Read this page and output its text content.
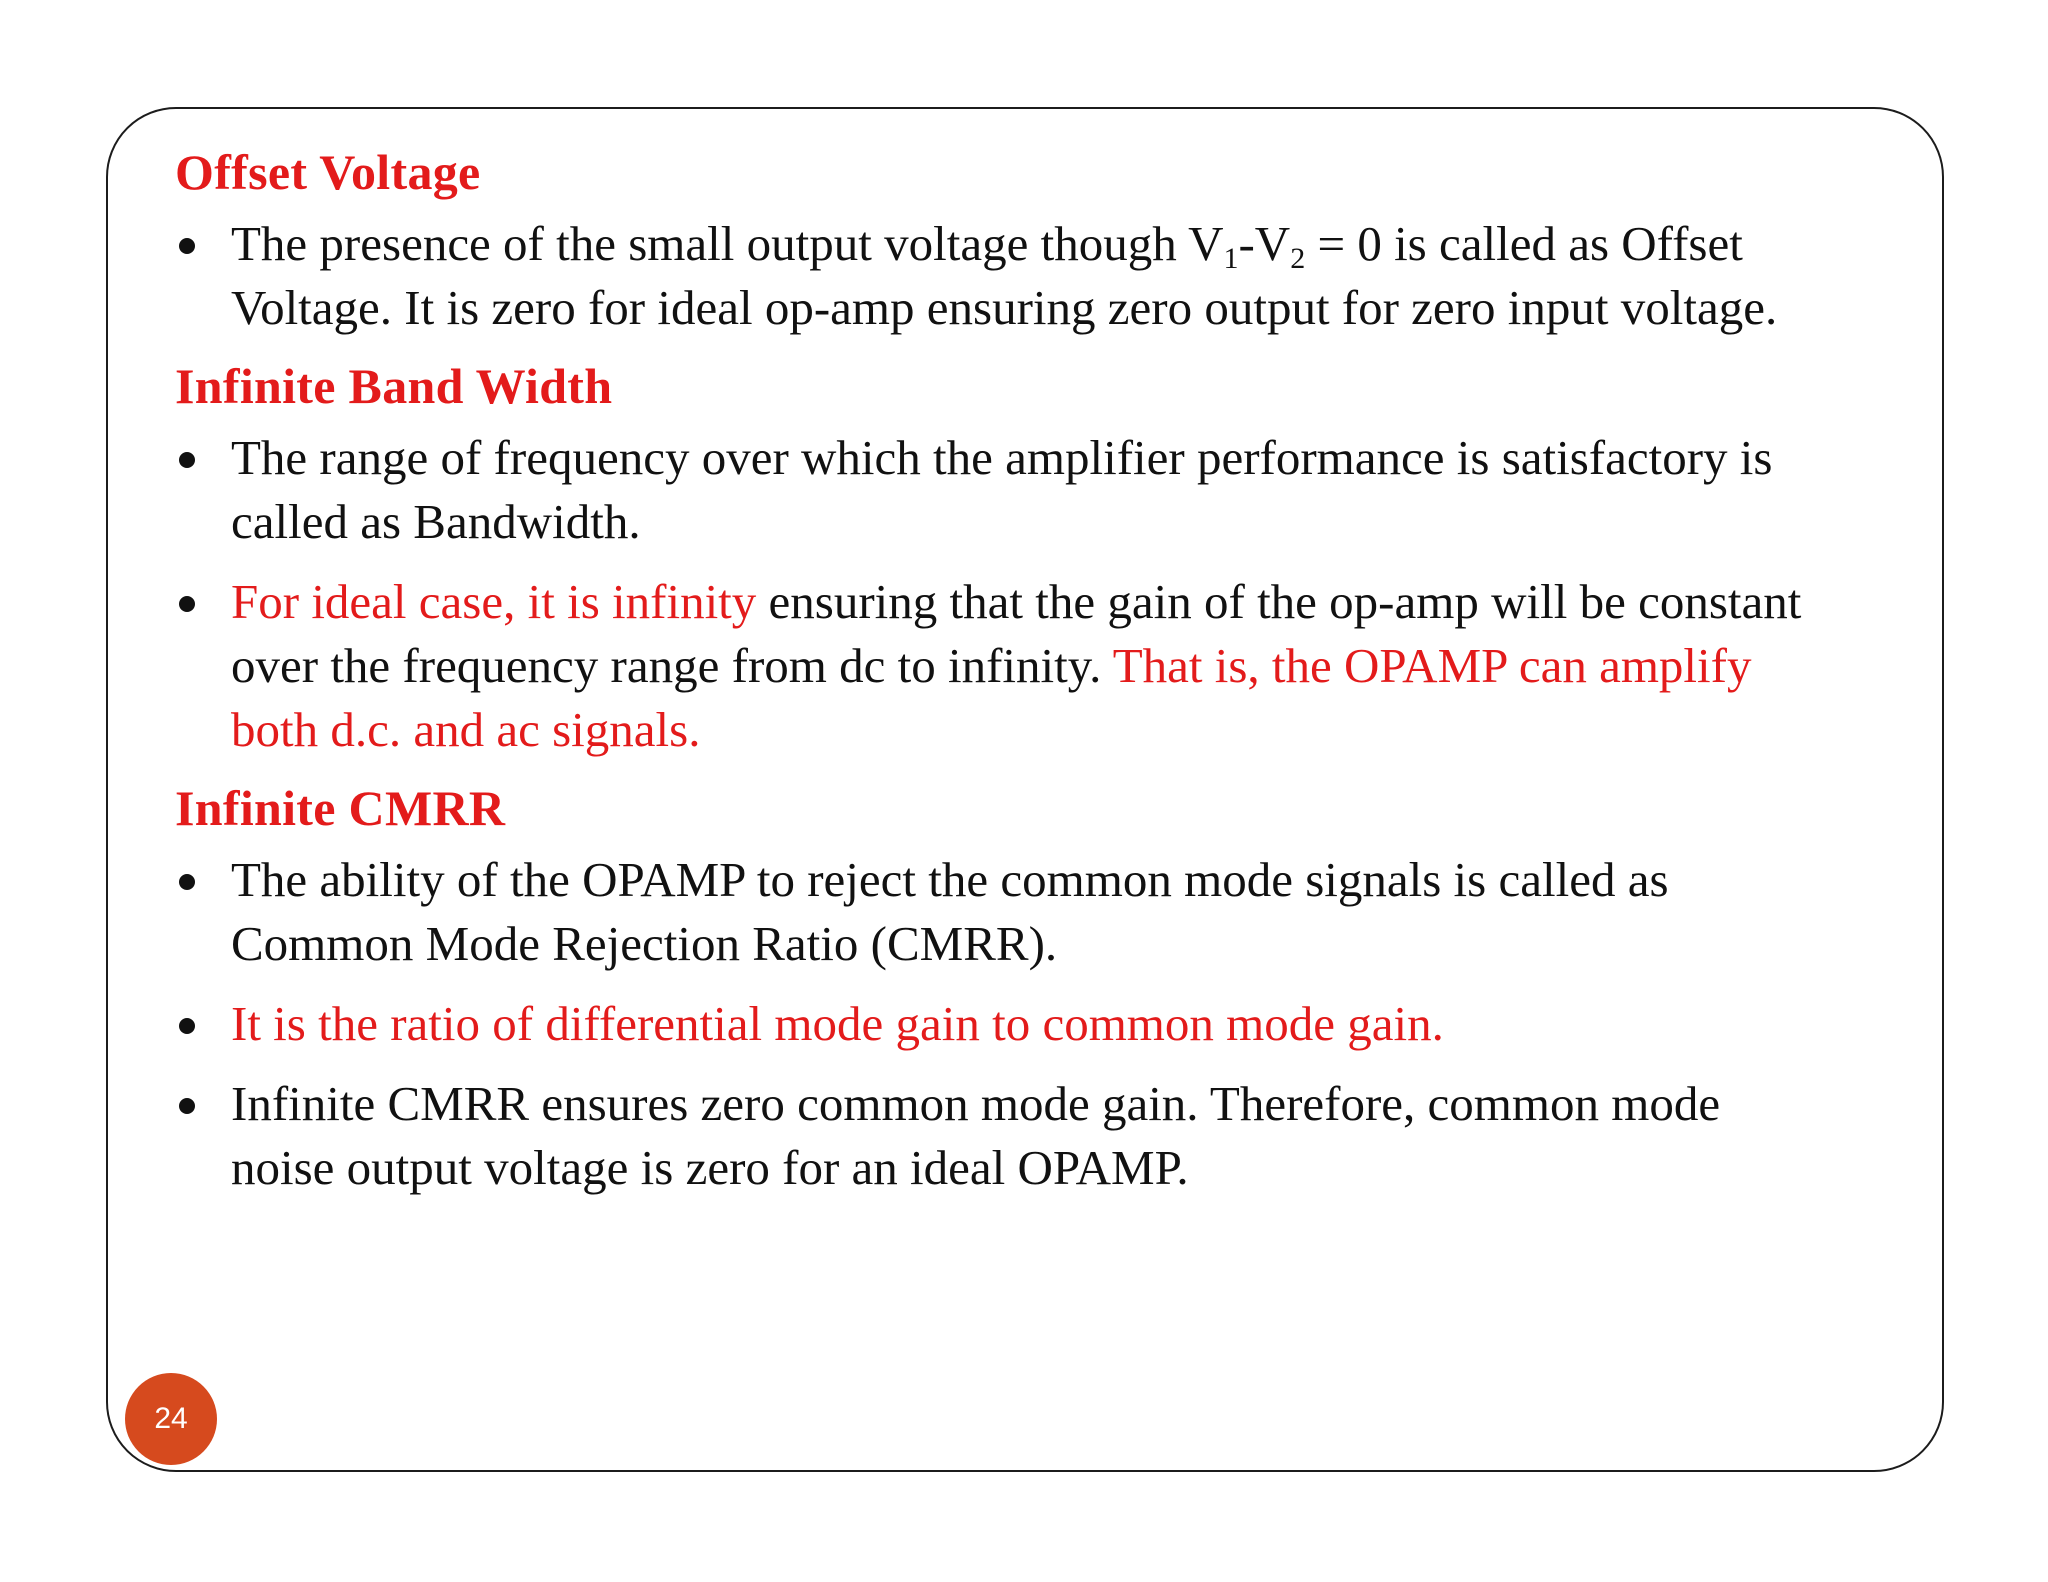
Offset Voltage
The presence of the small output voltage though $V_1-V_2 = 0$ is called as Offset Voltage. It is zero for ideal op-amp ensuring zero output for zero input voltage.
Infinite Band Width
The range of frequency over which the amplifier performance is satisfactory is called as Bandwidth.
For ideal case, it is infinity ensuring that the gain of the op-amp will be constant over the frequency range from dc to infinity. That is, the OPAMP can amplify both d.c. and ac signals.
Infinite CMRR
The ability of the OPAMP to reject the common mode signals is called as Common Mode Rejection Ratio (CMRR).
It is the ratio of differential mode gain to common mode gain.
Infinite CMRR ensures zero common mode gain. Therefore, common mode noise output voltage is zero for an ideal OPAMP.
24
